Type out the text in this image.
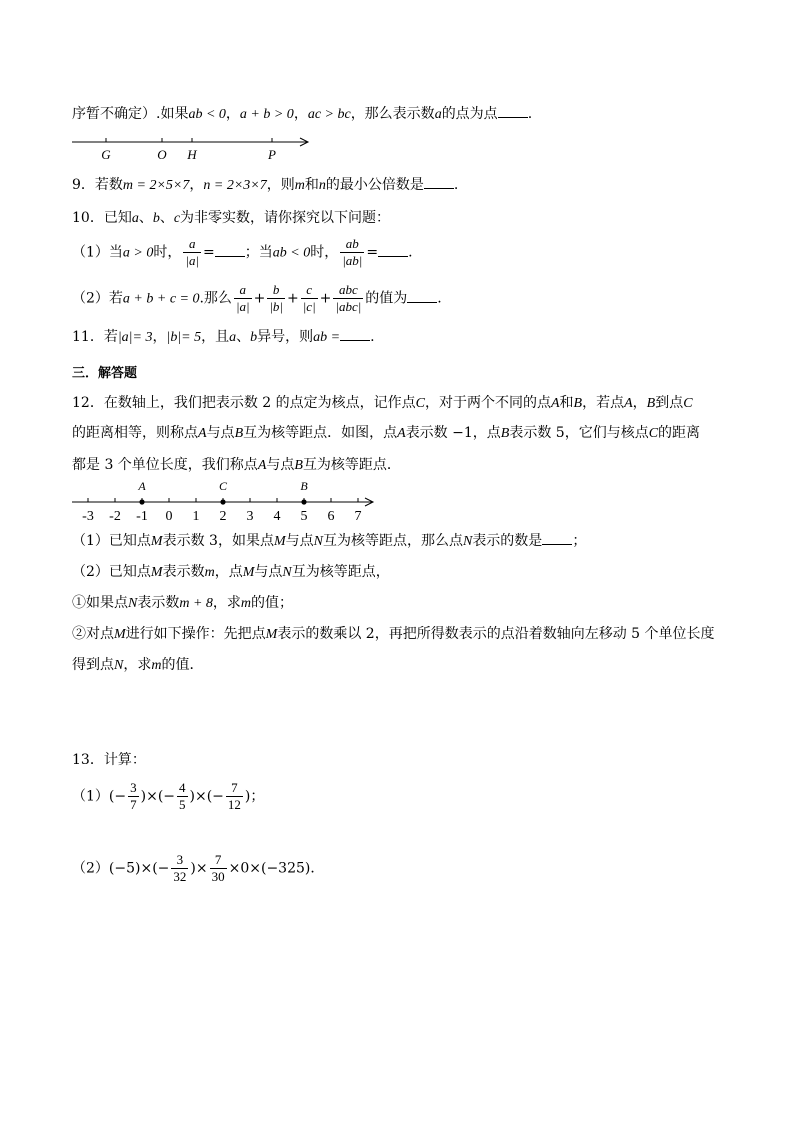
序暂不确定）.如果ab < 0，a + b > 0，ac > bc，那么表示数a的点为点 .
G	O H	P
9．若数m = 2×5×7，n = 2×3×7，则m和n的最小公倍数是 .
10．已知a、b、c为非零实数，请你探究以下问题：
（1）当a > 0时， $\frac{a}{|a|}$ = ；当ab < 0时， $\frac{ab}{|ab|}$ = .
（2）若a + b + c = 0.那么 $\frac{a}{|a|} + \frac{b}{|b|} + \frac{c}{|c|} + \frac{\text{abc}}{\text{|abc|}}$ 的值为 .
11．若|a|= 3，|b|= 5，且a、b异号，则ab = .
三．解答题
12．在数轴上，我们把表示数 2 的点定为核点，记作点C，对于两个不同的点A和B，若点A，B到点C
的距离相等，则称点A与点B互为核等距点．如图，点A表示数 −1，点B表示数 5，它们与核点C的距离
都是 3 个单位长度，我们称点A与点B互为核等距点．
-3 -2 -1 0 1 2 3 4 5 6 7
A	C	B
（1）已知点M表示数 3，如果点M与点N互为核等距点，那么点N表示的数是 ；
（2）已知点M表示数m，点M与点N互为核等距点，
①如果点N表示数m + 8，求m的值；
②对点M进行如下操作：先把点M表示的数乘以 2，再把所得数表示的点沿着数轴向左移动 5 个单位长度
得到点N，求m的值．
13．计算：
$(1)(- \frac{3}{7}$ )×(− $\frac{4}{5}$ )×(− $\frac{7}{12}$ )；
$(2)(-5)\times(- \frac{3}{32}$ )× $\frac{7}{30} \times 0\times(-325)$．
